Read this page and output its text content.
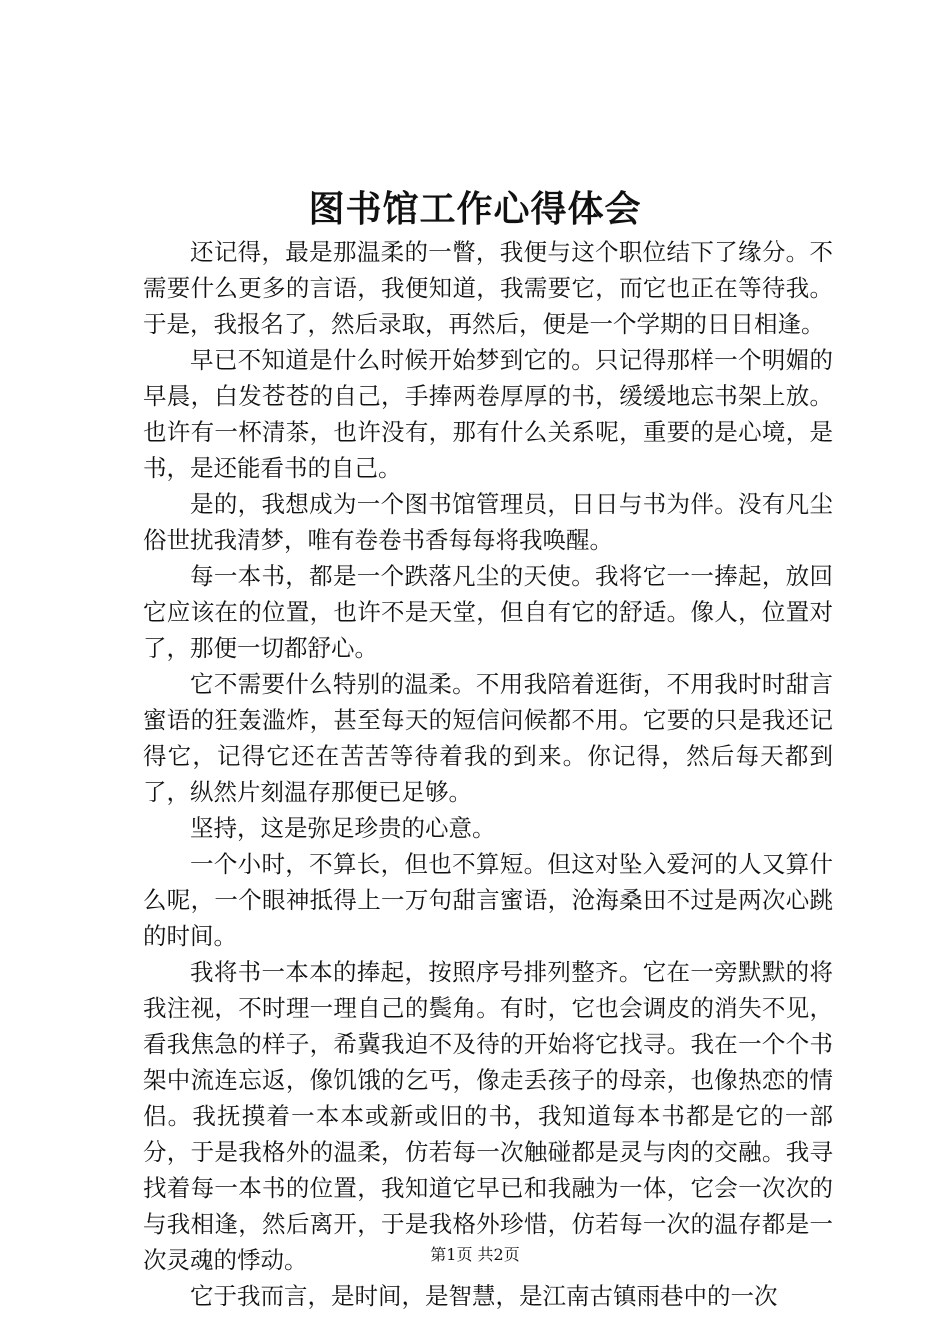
图书馆工作心得体会

还记得，最是那温柔的一瞥，我便与这个职位结下了缘分。不需要什么更多的言语，我便知道，我需要它，而它也正在等待我。于是，我报名了，然后录取，再然后，便是一个学期的日日相逢。

早已不知道是什么时候开始梦到它的。只记得那样一个明媚的早晨，白发苍苍的自己，手捧两卷厚厚的书，缓缓地忘书架上放。也许有一杯清茶，也许没有，那有什么关系呢，重要的是心境，是书，是还能看书的自己。

是的，我想成为一个图书馆管理员，日日与书为伴。没有凡尘俗世扰我清梦，唯有卷卷书香每每将我唤醒。

每一本书，都是一个跌落凡尘的天使。我将它一一捧起，放回它应该在的位置，也许不是天堂，但自有它的舒适。像人，位置对了，那便一切都舒心。

它不需要什么特别的温柔。不用我陪着逛街，不用我时时甜言蜜语的狂轰滥炸，甚至每天的短信问候都不用。它要的只是我还记得它，记得它还在苦苦等待着我的到来。你记得，然后每天都到了，纵然片刻温存那便已足够。

坚持，这是弥足珍贵的心意。

一个小时，不算长，但也不算短。但这对坠入爱河的人又算什么呢，一个眼神抵得上一万句甜言蜜语，沧海桑田不过是两次心跳的时间。

我将书一本本的捧起，按照序号排列整齐。它在一旁默默的将我注视，不时理一理自己的鬓角。有时，它也会调皮的消失不见，看我焦急的样子，希冀我迫不及待的开始将它找寻。我在一个个书架中流连忘返，像饥饿的乞丐，像走丢孩子的母亲，也像热恋的情侣。我抚摸着一本本或新或旧的书，我知道每本书都是它的一部分，于是我格外的温柔，仿若每一次触碰都是灵与肉的交融。我寻找着每一本书的位置，我知道它早已和我融为一体，它会一次次的与我相逢，然后离开，于是我格外珍惜，仿若每一次的温存都是一次灵魂的悸动。

它于我而言，是时间，是智慧，是江南古镇雨巷中的一次

第1页 共2页
